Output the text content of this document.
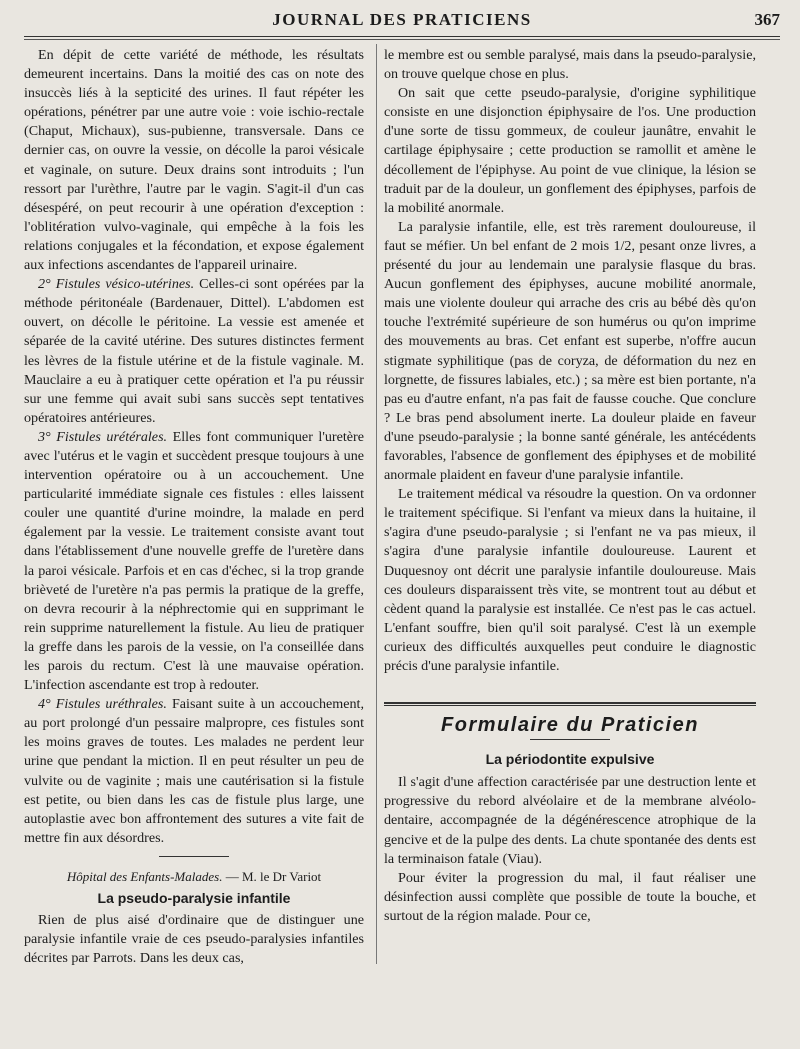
JOURNAL DES PRATICIENS	367

En dépit de cette variété de méthode, les résultats demeurent incertains. Dans la moitié des cas on note des insuccès liés à la septicité des urines. Il faut répéter les opérations, pénétrer par une autre voie : voie ischio-rectale (Chaput, Michaux), sus-pubienne, transversale. Dans ce dernier cas, on ouvre la vessie, on décolle la paroi vésicale et vaginale, on suture. Deux drains sont introduits ; l'un ressort par l'urèthre, l'autre par le vagin. S'agit-il d'un cas désespéré, on peut recourir à une opération d'exception : l'oblitération vulvo-vaginale, qui empêche à la fois les relations conjugales et la fécondation, et expose également aux infections ascendantes de l'appareil urinaire.

2° Fistules vésico-utérines. Celles-ci sont opérées par la méthode péritonéale (Bardenauer, Dittel). L'abdomen est ouvert, on décolle le péritoine. La vessie est amenée et séparée de la cavité utérine. Des sutures distinctes ferment les lèvres de la fistule utérine et de la fistule vaginale. M. Mauclaire a eu à pratiquer cette opération et l'a pu réussir sur une femme qui avait subi sans succès sept tentatives opératoires antérieures.

3° Fistules urétérales. Elles font communiquer l'uretère avec l'utérus et le vagin et succèdent presque toujours à une intervention opératoire ou à un accouchement. Une particularité immédiate signale ces fistules : elles laissent couler une quantité d'urine moindre, la malade en perd également par la vessie. Le traitement consiste avant tout dans l'établissement d'une nouvelle greffe de l'uretère dans la paroi vésicale. Parfois et en cas d'échec, si la trop grande brièveté de l'uretère n'a pas permis la pratique de la greffe, on devra recourir à la néphrectomie qui en supprimant le rein supprime naturellement la fistule. Au lieu de pratiquer la greffe dans les parois de la vessie, on l'a conseillée dans les parois du rectum. C'est là une mauvaise opération. L'infection ascendante est trop à redouter.

4° Fistules uréthrales. Faisant suite à un accouchement, au port prolongé d'un pessaire malpropre, ces fistules sont les moins graves de toutes. Les malades ne perdent leur urine que pendant la miction. Il en peut résulter un peu de vulvite ou de vaginite ; mais une cautérisation si la fistule est petite, ou bien dans les cas de fistule plus large, une autoplastie avec bon affrontement des sutures a vite fait de mettre fin aux désordres.

Hôpital des Enfants-Malades. — M. le Dr Variot
La pseudo-paralysie infantile

Rien de plus aisé d'ordinaire que de distinguer une paralysie infantile vraie de ces pseudo-paralysies infantiles décrites par Parrots. Dans les deux cas,

le membre est ou semble paralysé, mais dans la pseudo-paralysie, on trouve quelque chose en plus.

On sait que cette pseudo-paralysie, d'origine syphilitique consiste en une disjonction épiphysaire de l'os. Une production d'une sorte de tissu gommeux, de couleur jaunâtre, envahit le cartilage épiphysaire ; cette production se ramollit et amène le décollement de l'épiphyse. Au point de vue clinique, la lésion se traduit par de la douleur, un gonflement des épiphyses, parfois de la mobilité anormale.

La paralysie infantile, elle, est très rarement douloureuse, il faut se méfier. Un bel enfant de 2 mois 1/2, pesant onze livres, a présenté du jour au lendemain une paralysie flasque du bras. Aucun gonflement des épiphyses, aucune mobilité anormale, mais une violente douleur qui arrache des cris au bébé dès qu'on touche l'extrémité supérieure de son humérus ou qu'on imprime des mouvements au bras. Cet enfant est superbe, n'offre aucun stigmate syphilitique (pas de coryza, de déformation du nez en lorgnette, de fissures labiales, etc.) ; sa mère est bien portante, n'a pas eu d'autre enfant, n'a pas fait de fausse couche. Que conclure ? Le bras pend absolument inerte. La douleur plaide en faveur d'une pseudo-paralysie ; la bonne santé générale, les antécédents favorables, l'absence de gonflement des épiphyses et de mobilité anormale plaident en faveur d'une paralysie infantile.

Le traitement médical va résoudre la question. On va ordonner le traitement spécifique. Si l'enfant va mieux dans la huitaine, il s'agira d'une pseudo-paralysie ; si l'enfant ne va pas mieux, il s'agira d'une paralysie infantile douloureuse. Laurent et Duquesnoy ont décrit une paralysie infantile douloureuse. Mais ces douleurs disparaissent très vite, se montrent tout au début et cèdent quand la paralysie est installée. Ce n'est pas le cas actuel. L'enfant souffre, bien qu'il soit paralysé. C'est là un exemple curieux des difficultés auxquelles peut conduire le diagnostic précis d'une paralysie infantile.

Formulaire du Praticien
La périodontite expulsive

Il s'agit d'une affection caractérisée par une destruction lente et progressive du rebord alvéolaire et de la membrane alvéolo-dentaire, accompagnée de la dégénérescence atrophique de la gencive et de la pulpe des dents. La chute spontanée des dents est la terminaison fatale (Viau).

Pour éviter la progression du mal, il faut réaliser une désinfection aussi complète que possible de toute la bouche, et surtout de la région malade. Pour ce,
